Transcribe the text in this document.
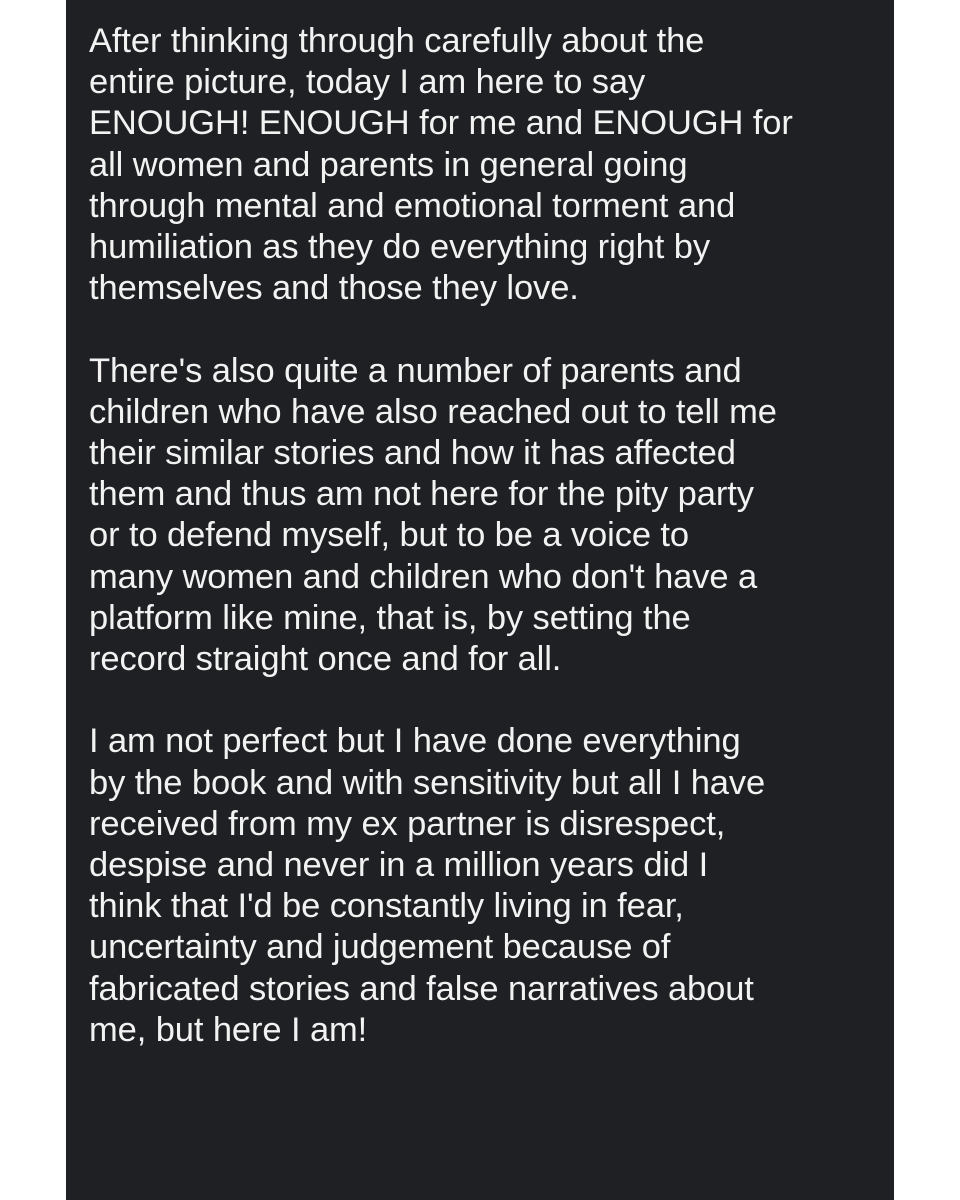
After thinking through carefully about the
entire picture, today I am here to say
ENOUGH! ENOUGH for me and ENOUGH for
all women and parents in general going
through mental and emotional torment and
humiliation as they do everything right by
themselves and those they love.

There's also quite a number of parents and
children who have also reached out to tell me
their similar stories and how it has affected
them and thus am not here for the pity party
or to defend myself, but to be a voice to
many women and children who don't have a
platform like mine, that is, by setting the
record straight once and for all.

I am not perfect but I have done everything
by the book and with sensitivity but all I have
received from my ex partner is disrespect,
despise and never in a million years did I
think that I'd be constantly living in fear,
uncertainty and judgement because of
fabricated stories and false narratives about
me, but here I am!
